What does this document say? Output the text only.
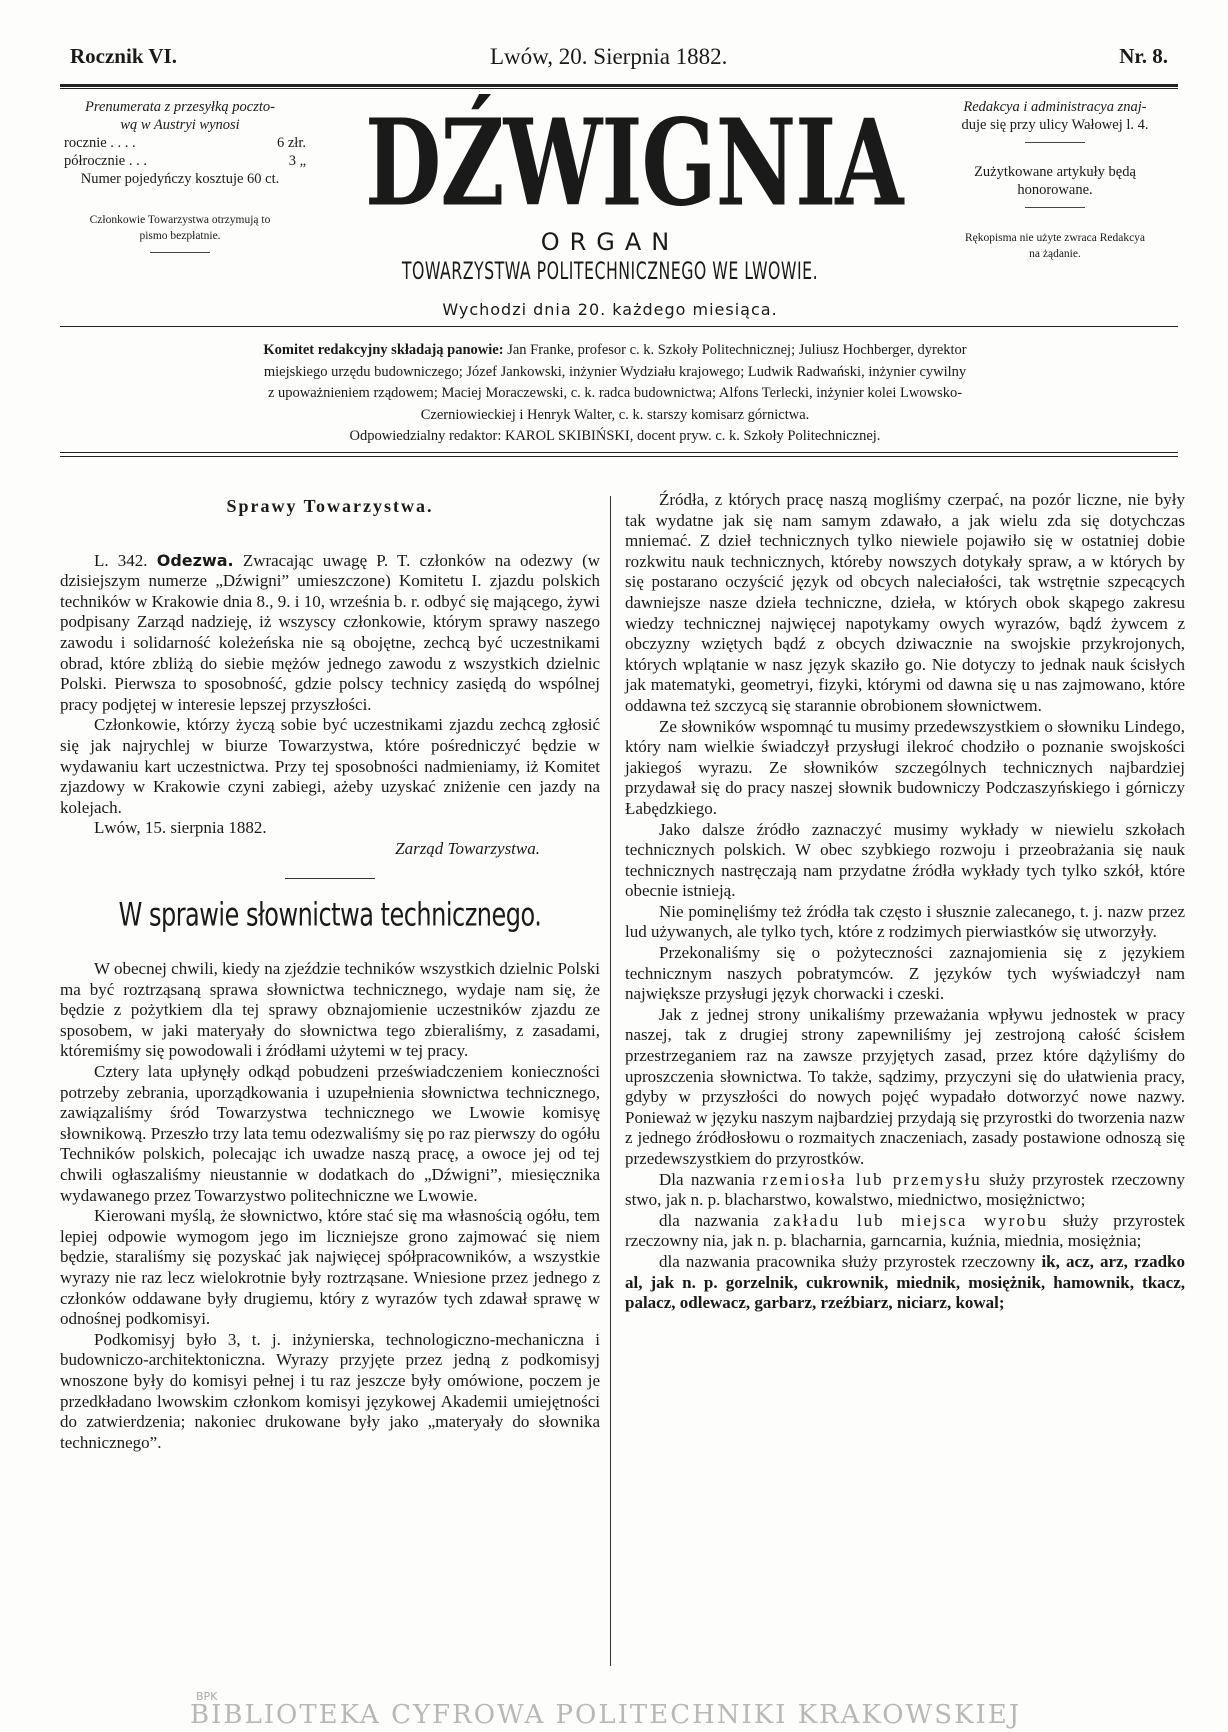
Rocznik VI.	Lwów, 20. Sierpnia 1882.	Nr. 8.
Prenumerata z przesyłką poczto-
wą w Austryi wynosi
rocznie . . . .	6 złr.
półrocznie . . .	3 „
Numer pojedyńczy kosztuje 60 ct.
Członkowie Towarzystwa otrzymują to
pismo bezpłatnie.
DŹWIGNIA
ORGAN
TOWARZYSTWA POLITECHNICZNEGO WE LWOWIE.
Wychodzi dnia 20. każdego miesiąca.

Redakcya i administracya znaj-

duje się przy ulicy Wałowej l. 4.

Zużytkowane artykuły będą

honorowane.

Rękopisma nie użyte zwraca Redakcya

na żądanie.

Komitet redakcyjny składają panowie: Jan Franke, profesor c. k. Szkoły Politechnicznej; Juliusz Hochberger, dyrektor
miejskiego urzędu budowniczego; Józef Jankowski, inżynier Wydziału krajowego; Ludwik Radwański, inżynier cywilny
z upoważnieniem rządowem; Maciej Moraczewski, c. k. radca budownictwa; Alfons Terlecki, inżynier kolei Lwowsko-
Czerniowieckiej i Henryk Walter, c. k. starszy komisarz górnictwa.
Odpowiedzialny redaktor: KAROL SKIBIŃSKI, docent pryw. c. k. Szkoły Politechnicznej.
Sprawy Towarzystwa.

L. 342. Odezwa. Zwracając uwagę P. T. członków na odezwy (w dzisiejszym numerze „Dźwigni” umieszczone) Komitetu I. zjazdu polskich techników w Krakowie dnia 8., 9. i 10, września b. r. odbyć się mającego, żywi podpisany Zarząd nadzieję, iż wszyscy członkowie, którym sprawy naszego zawodu i solidarność koleżeńska nie są obojętne, zechcą być uczestnikami obrad, które zbliżą do siebie mężów jednego zawodu z wszystkich dzielnic Polski. Pierwsza to sposobność, gdzie polscy technicy zasiędą do wspólnej pracy podjętej w interesie lepszej przyszłości.

Członkowie, którzy życzą sobie być uczestnikami zjazdu zechcą zgłosić się jak najrychlej w biurze Towarzystwa, które pośredniczyć będzie w wydawaniu kart uczestnictwa. Przy tej sposobności nadmieniamy, iż Komitet zjazdowy w Krakowie czyni zabiegi, ażeby uzyskać zniżenie cen jazdy na kolejach.

Lwów, 15. sierpnia 1882.

Zarząd Towarzystwa.
W sprawie słownictwa technicznego.

W obecnej chwili, kiedy na zjeździe techników wszystkich dzielnic Polski ma być roztrząsaną sprawa słownictwa technicznego, wydaje nam się, że będzie z pożytkiem dla tej sprawy obznajomienie uczestników zjazdu ze sposobem, w jaki materyały do słownictwa tego zbieraliśmy, z zasadami, któremiśmy się powodowali i źródłami użytemi w tej pracy.

Cztery lata upłynęły odkąd pobudzeni przeświadczeniem konieczności potrzeby zebrania, uporządkowania i uzupełnienia słownictwa technicznego, zawiązaliśmy śród Towarzystwa technicznego we Lwowie komisyę słownikową. Przeszło trzy lata temu odezwaliśmy się po raz pierwszy do ogółu Techników polskich, polecając ich uwadze naszą pracę, a owoce jej od tej chwili ogłaszaliśmy nieustannie w dodatkach do „Dźwigni”, miesięcznika wydawanego przez Towarzystwo politechniczne we Lwowie.

Kierowani myślą, że słownictwo, które stać się ma własnością ogółu, tem lepiej odpowie wymogom jego im liczniejsze grono zajmować się niem będzie, staraliśmy się pozyskać jak najwięcej spółpracowników, a wszystkie wyrazy nie raz lecz wielokrotnie były roztrząsane. Wniesione przez jednego z członków oddawane były drugiemu, który z wyrazów tych zdawał sprawę w odnośnej podkomisyi.

Podkomisyj było 3, t. j. inżynierska, technologiczno-mechaniczna i budowniczo-architektoniczna. Wyrazy przyjęte przez jedną z podkomisyj wnoszone były do komisyi pełnej i tu raz jeszcze były omówione, poczem je przedkładano lwowskim członkom komisyi językowej Akademii umiejętności do zatwierdzenia; nakoniec drukowane były jako „materyały do słownika technicznego”.

Źródła, z których pracę naszą mogliśmy czerpać, na pozór liczne, nie były tak wydatne jak się nam samym zdawało, a jak wielu zda się dotychczas mniemać. Z dzieł technicznych tylko niewiele pojawiło się w ostatniej dobie rozkwitu nauk technicznych, któreby nowszych dotykały spraw, a w których by się postarano oczyścić język od obcych naleciałości, tak wstrętnie szpecących dawniejsze nasze dzieła techniczne, dzieła, w których obok skąpego zakresu wiedzy technicznej najwięcej napotykamy owych wyrazów, bądź żywcem z obczyzny wziętych bądź z obcych dziwacznie na swojskie przykrojonych, których wplątanie w nasz język skaziło go. Nie dotyczy to jednak nauk ścisłych jak matematyki, geometryi, fizyki, którymi od dawna się u nas zajmowano, które oddawna też szczycą się starannie obrobionem słownictwem.

Ze słowników wspomnąć tu musimy przedewszystkiem o słowniku Lindego, który nam wielkie świadczył przysługi ilekroć chodziło o poznanie swojskości jakiegoś wyrazu. Ze słowników szczególnych technicznych najbardziej przydawał się do pracy naszej słownik budowniczy Podczaszyńskiego i górniczy Łabędzkiego.

Jako dalsze źródło zaznaczyć musimy wykłady w niewielu szkołach technicznych polskich. W obec szybkiego rozwoju i przeobrażania się nauk technicznych nastręczają nam przydatne źródła wykłady tych tylko szkół, które obecnie istnieją.

Nie pominęliśmy też źródła tak często i słusznie zalecanego, t. j. nazw przez lud używanych, ale tylko tych, które z rodzimych pierwiastków się utworzyły.

Przekonaliśmy się o pożyteczności zaznajomienia się z językiem technicznym naszych pobratymców. Z języków tych wyświadczył nam największe przysługi język chorwacki i czeski.

Jak z jednej strony unikaliśmy przeważania wpływu jednostek w pracy naszej, tak z drugiej strony zapewniliśmy jej zestrojoną całość ścisłem przestrzeganiem raz na zawsze przyjętych zasad, przez które dążyliśmy do uproszczenia słownictwa. To także, sądzimy, przyczyni się do ułatwienia pracy, gdyby w przyszłości do nowych pojęć wypadało dotworzyć nowe nazwy. Ponieważ w języku naszym najbardziej przydają się przyrostki do tworzenia nazw z jednego źródłosłowu o rozmaitych znaczeniach, zasady postawione odnoszą się przedewszystkiem do przyrostków.

Dla nazwania rzemiosła lub przemysłu służy przyrostek rzeczowny stwo, jak n. p. blacharstwo, kowalstwo, miednictwo, mosiężnictwo;

dla nazwania zakładu lub miejsca wyrobu służy przyrostek rzeczowny nia, jak n. p. blacharnia, garncarnia, kuźnia, miednia, mosiężnia;

dla nazwania pracownika służy przyrostek rzeczowny ik, acz, arz, rzadko al, jak n. p. gorzelnik, cukrownik, miednik, mosiężnik, hamownik, tkacz, palacz, odlewacz, garbarz, rzeźbiarz, niciarz, kowal;

BPK
BIBLIOTEKA CYFROWA POLITECHNIKI KRAKOWSKIEJ
